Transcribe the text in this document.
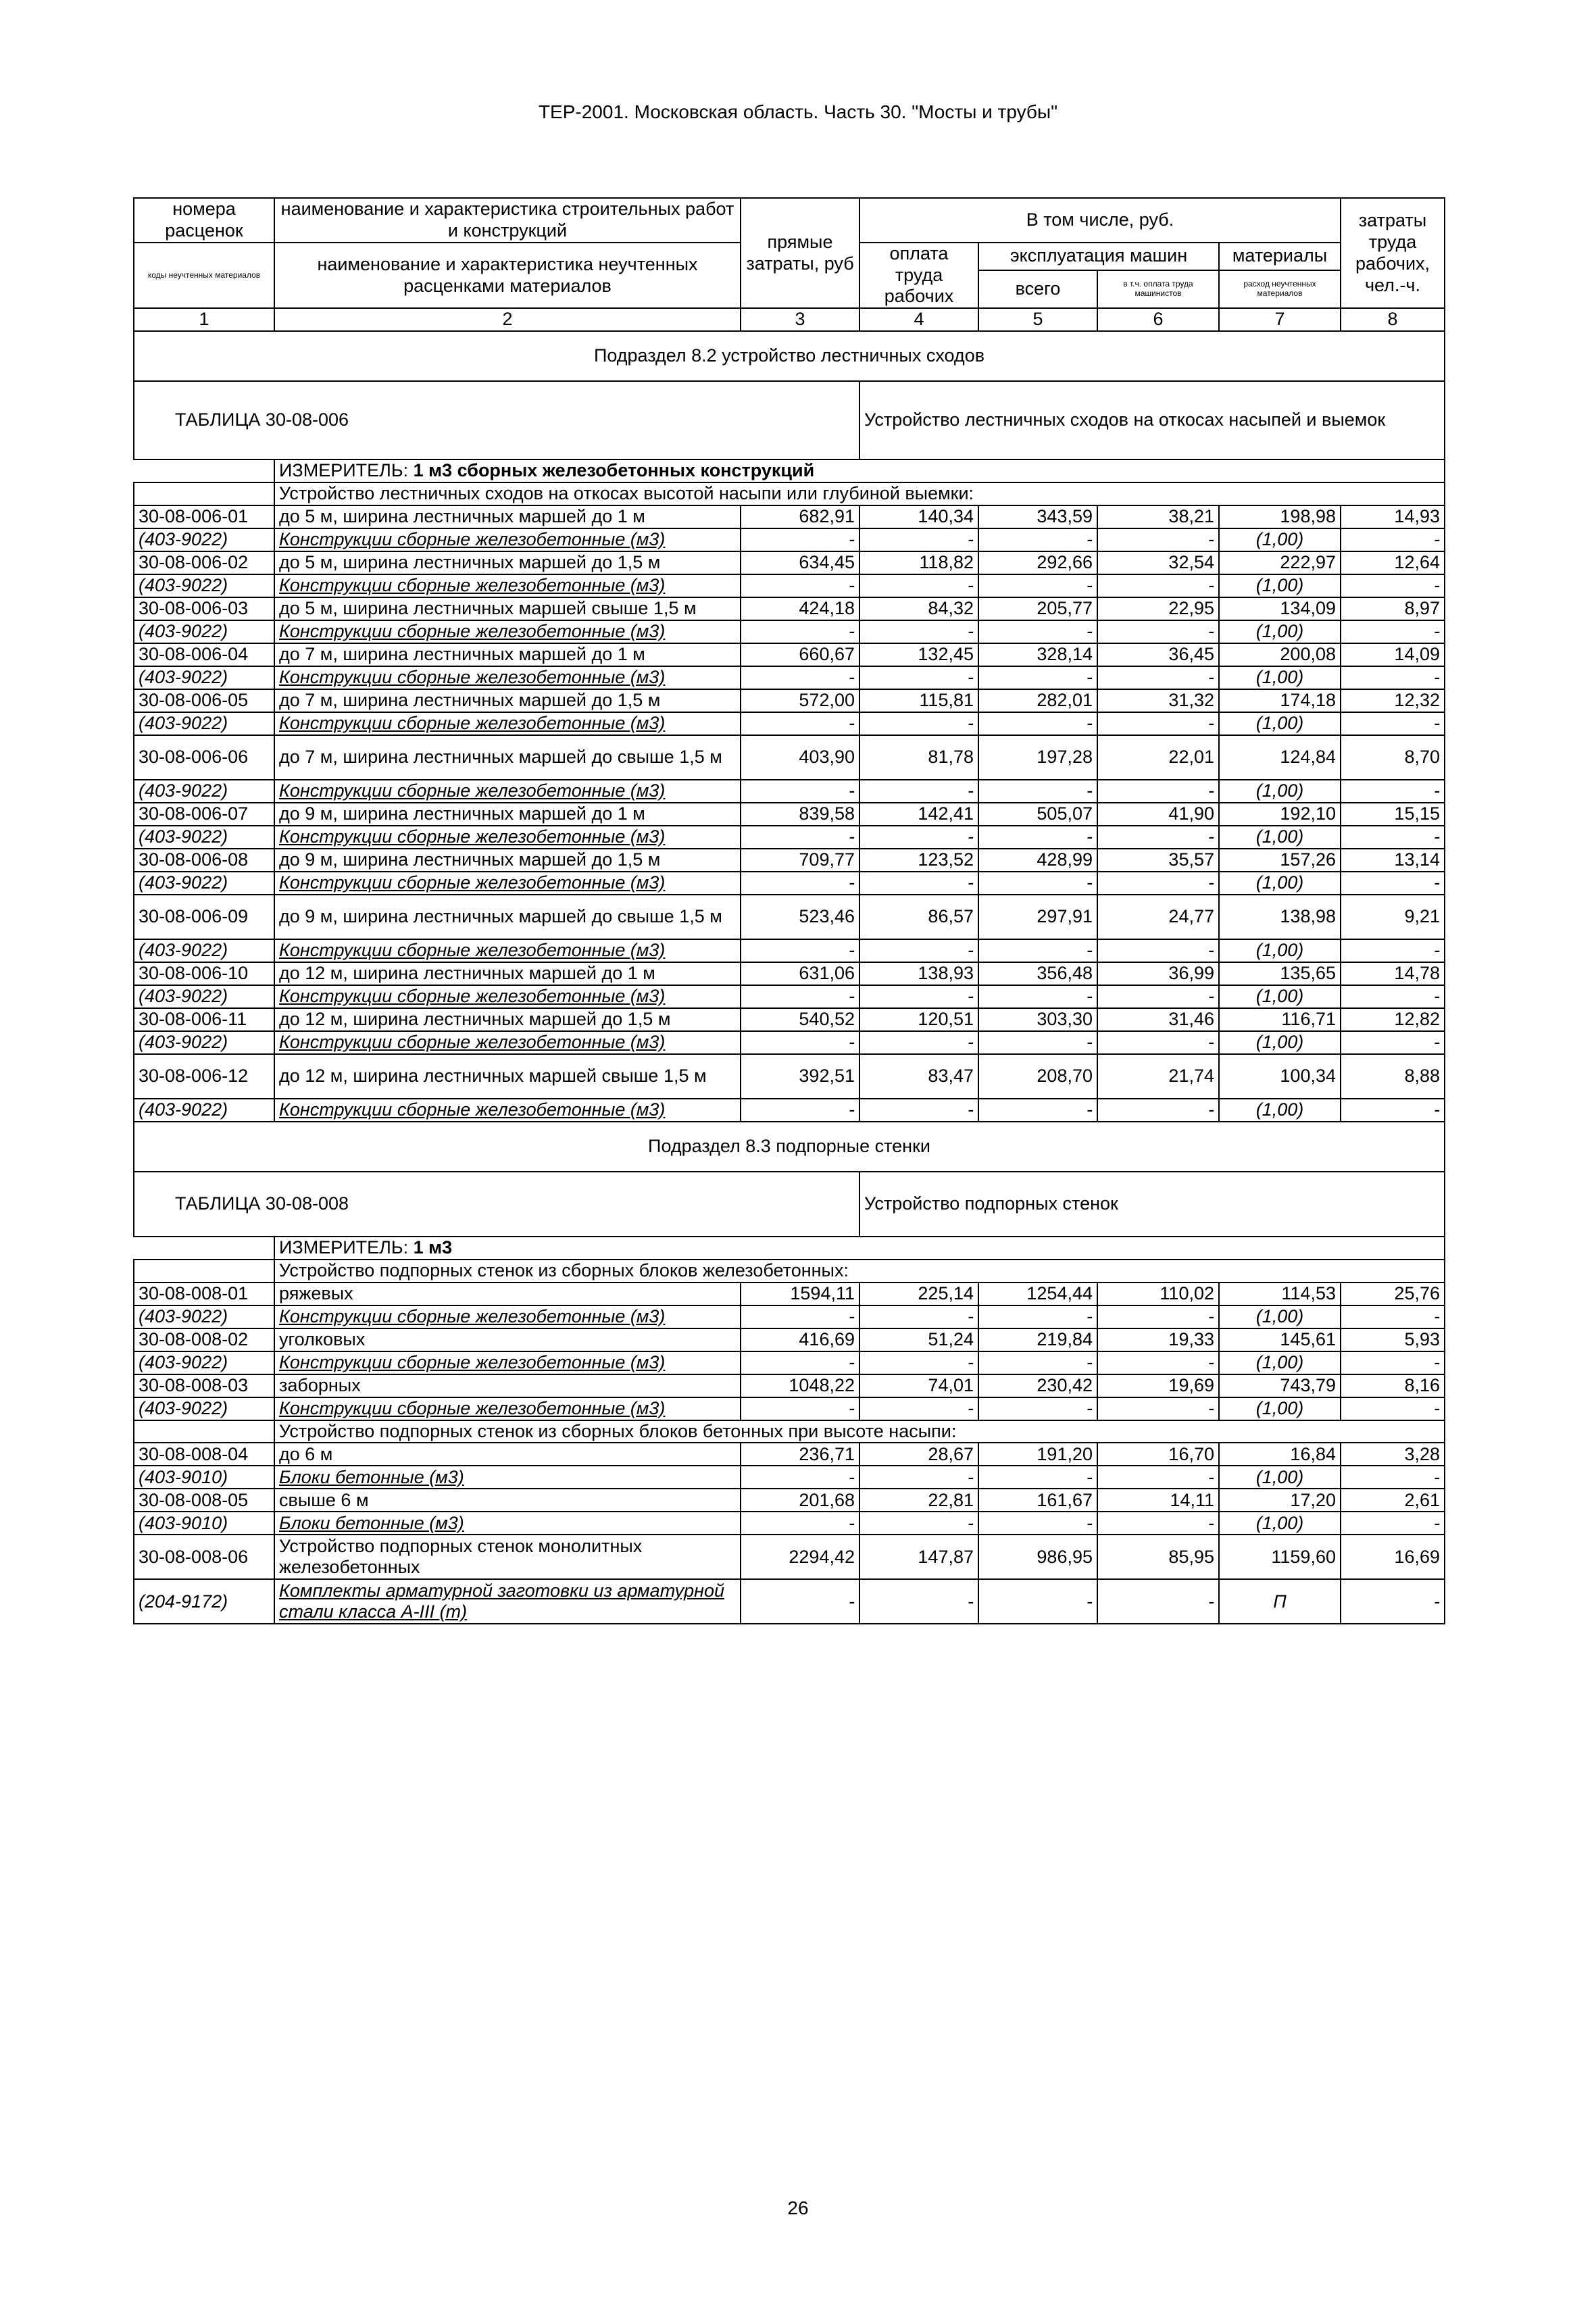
ТЕР-2001. Московская область. Часть 30. "Мосты и трубы"
номера расценок	наименование и характеристика строительных работ и конструкций	прямые затраты, руб	В том числе, руб.				затраты труда рабочих, чел.-ч.
коды неучтенных материалов	наименование и характеристика неучтенных расценками материалов		оплата труда рабочих	эксплуатация машин		материалы	
				всего	в т.ч. оплата труда машинистов	расход неучтенных материалов	
1	2	3	4	5	6	7	8
Подраздел 8.2 устройство лестничных сходов							
ТАБЛИЦА 30-08-006			Устройство лестничных сходов на откосах насыпей и выемок				
	ИЗМЕРИТЕЛЬ: 1 м3 сборных железобетонных конструкций						
	Устройство лестничных сходов на откосах высотой насыпи или глубиной выемки:						
30-08-006-01	до 5 м, ширина лестничных маршей до 1 м	682,91	140,34	343,59	38,21	198,98	14,93
(403-9022)	Конструкции сборные железобетонные (м3)	-	-	-	-	(1,00)	-
30-08-006-02	до 5 м, ширина лестничных маршей до 1,5 м	634,45	118,82	292,66	32,54	222,97	12,64
(403-9022)	Конструкции сборные железобетонные (м3)	-	-	-	-	(1,00)	-
30-08-006-03	до 5 м, ширина лестничных маршей свыше 1,5 м	424,18	84,32	205,77	22,95	134,09	8,97
(403-9022)	Конструкции сборные железобетонные (м3)	-	-	-	-	(1,00)	-
30-08-006-04	до 7 м, ширина лестничных маршей до 1 м	660,67	132,45	328,14	36,45	200,08	14,09
(403-9022)	Конструкции сборные железобетонные (м3)	-	-	-	-	(1,00)	-
30-08-006-05	до 7 м, ширина лестничных маршей до 1,5 м	572,00	115,81	282,01	31,32	174,18	12,32
(403-9022)	Конструкции сборные железобетонные (м3)	-	-	-	-	(1,00)	-
30-08-006-06	до 7 м, ширина лестничных маршей до свыше 1,5 м	403,90	81,78	197,28	22,01	124,84	8,70
(403-9022)	Конструкции сборные железобетонные (м3)	-	-	-	-	(1,00)	-
30-08-006-07	до 9 м, ширина лестничных маршей до 1 м	839,58	142,41	505,07	41,90	192,10	15,15
(403-9022)	Конструкции сборные железобетонные (м3)	-	-	-	-	(1,00)	-
30-08-006-08	до 9 м, ширина лестничных маршей до 1,5 м	709,77	123,52	428,99	35,57	157,26	13,14
(403-9022)	Конструкции сборные железобетонные (м3)	-	-	-	-	(1,00)	-
30-08-006-09	до 9 м, ширина лестничных маршей до свыше 1,5 м	523,46	86,57	297,91	24,77	138,98	9,21
(403-9022)	Конструкции сборные железобетонные (м3)	-	-	-	-	(1,00)	-
30-08-006-10	до 12 м, ширина лестничных маршей до 1 м	631,06	138,93	356,48	36,99	135,65	14,78
(403-9022)	Конструкции сборные железобетонные (м3)	-	-	-	-	(1,00)	-
30-08-006-11	до 12 м, ширина лестничных маршей до 1,5 м	540,52	120,51	303,30	31,46	116,71	12,82
(403-9022)	Конструкции сборные железобетонные (м3)	-	-	-	-	(1,00)	-
30-08-006-12	до 12 м, ширина лестничных маршей свыше 1,5 м	392,51	83,47	208,70	21,74	100,34	8,88
(403-9022)	Конструкции сборные железобетонные (м3)	-	-	-	-	(1,00)	-
Подраздел 8.3 подпорные стенки							
ТАБЛИЦА 30-08-008			Устройство подпорных стенок				
	ИЗМЕРИТЕЛЬ: 1 м3						
	Устройство подпорных стенок из сборных блоков железобетонных:						
30-08-008-01	ряжевых	1594,11	225,14	1254,44	110,02	114,53	25,76
(403-9022)	Конструкции сборные железобетонные (м3)	-	-	-	-	(1,00)	-
30-08-008-02	уголковых	416,69	51,24	219,84	19,33	145,61	5,93
(403-9022)	Конструкции сборные железобетонные (м3)	-	-	-	-	(1,00)	-
30-08-008-03	заборных	1048,22	74,01	230,42	19,69	743,79	8,16
(403-9022)	Конструкции сборные железобетонные (м3)	-	-	-	-	(1,00)	-
	Устройство подпорных стенок из сборных блоков бетонных при высоте насыпи:						
30-08-008-04	до 6 м	236,71	28,67	191,20	16,70	16,84	3,28
(403-9010)	Блоки бетонные (м3)	-	-	-	-	(1,00)	-
30-08-008-05	свыше 6 м	201,68	22,81	161,67	14,11	17,20	2,61
(403-9010)	Блоки бетонные (м3)	-	-	-	-	(1,00)	-
30-08-008-06	Устройство подпорных стенок монолитных железобетонных	2294,42	147,87	986,95	85,95	1159,60	16,69
(204-9172)	Комплекты арматурной заготовки из арматурной стали класса A-III (т)	-	-	-	-	П	-
26
